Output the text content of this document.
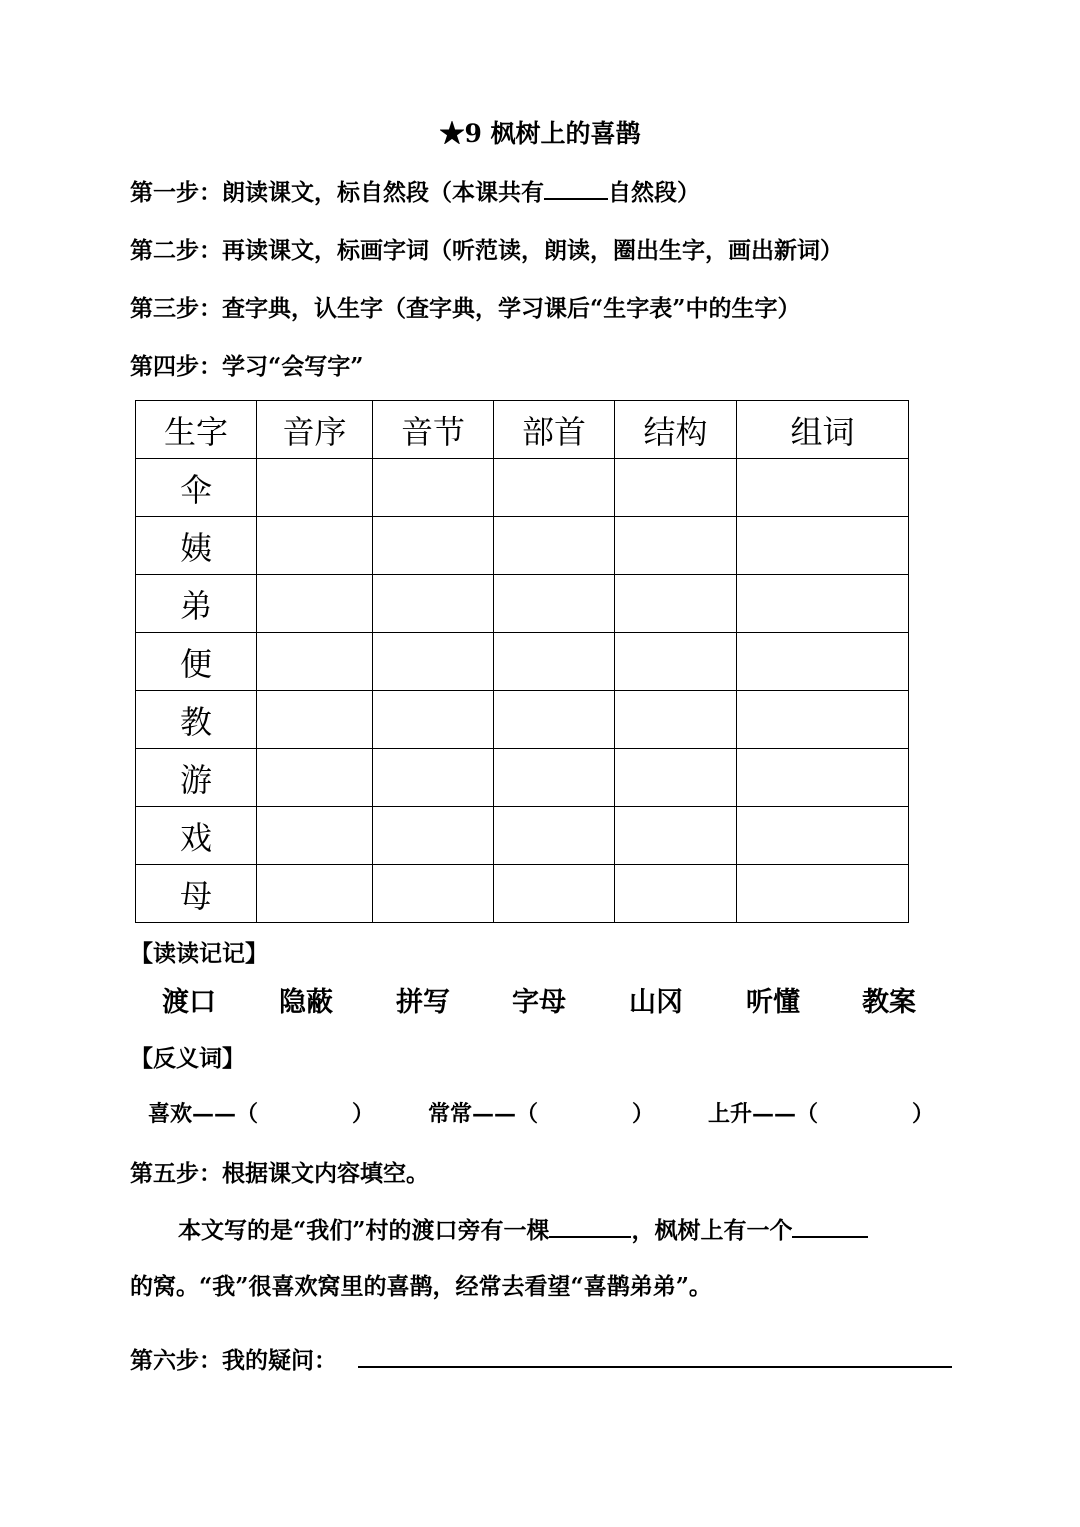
★9 枫树上的喜鹊
第一步：朗读课文，标自然段（本课共有	自然段）
第二步：再读课文，标画字词（听范读，朗读，圈出生字，画出新词）
第三步：查字典，认生字（查字典，学习课后“生字表”中的生字）
第四步：学习“会写字”
生字	音序	音节	部首	结构	组词
伞					
姨					
弟					
便					
教					
游					
戏					
母					
【读读记记】
渡口 隐蔽 拼写 字母 山冈 听懂 教案
【反义词】
喜欢——（	） 常常——（	） 上升——（	）
第五步：根据课文内容填空。
本文写的是“我们”村的渡口旁有一棵	，枫树上有一个
的窝。“我”很喜欢窝里的喜鹊，经常去看望“喜鹊弟弟”。
第六步：我的疑问：
